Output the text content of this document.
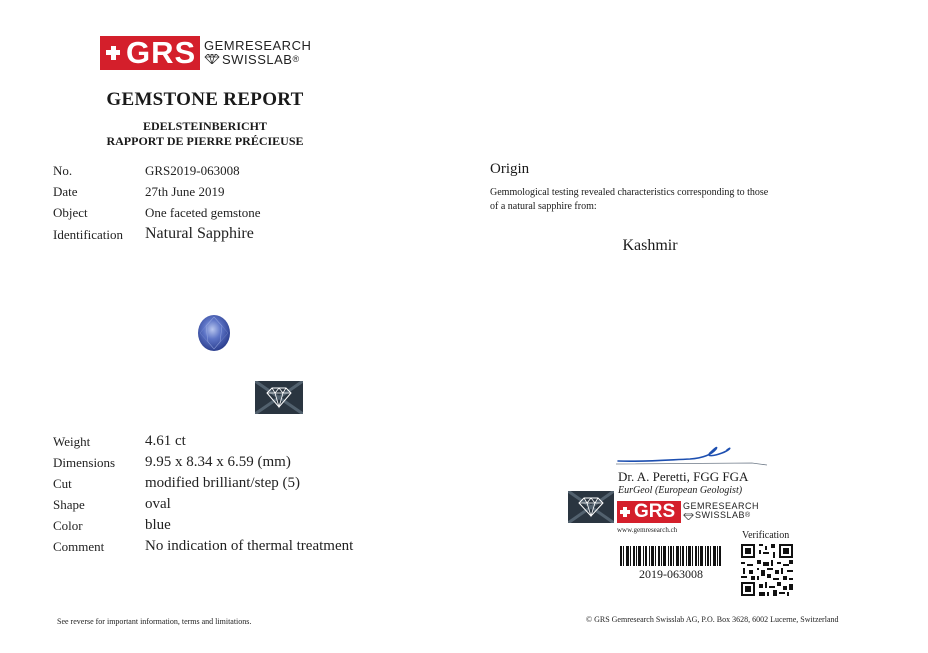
GRS GEMRESEARCH
SWISSLAB ®
GEMSTONE REPORT
EDELSTEINBERICHT
RAPPORT DE PIERRE PRÉCIEUSE
No.	GRS2019-063008
Date	27th June 2019
Object	One faceted gemstone
Identification Natural Sapphire
Weight	4.61 ct
Dimensions 9.95 x 8.34 x 6.59 (mm)
Cut	modified brilliant/step (5)
Shape	oval
Color	blue
Comment	No indication of thermal treatment
Origin
Gemmological testing revealed characteristics corresponding to those
of a natural sapphire from:
Kashmir
Dr. A. Peretti, FGG FGA
EurGeol (European Geologist)
GRS GEMRESEARCH
SWISSLAB ®
www.gemresearch.ch
2019-063008
Verification
See reverse for important information, terms and limitations.	© GRS Gemresearch Swisslab AG, P.O. Box 3628, 6002 Lucerne, Switzerland
